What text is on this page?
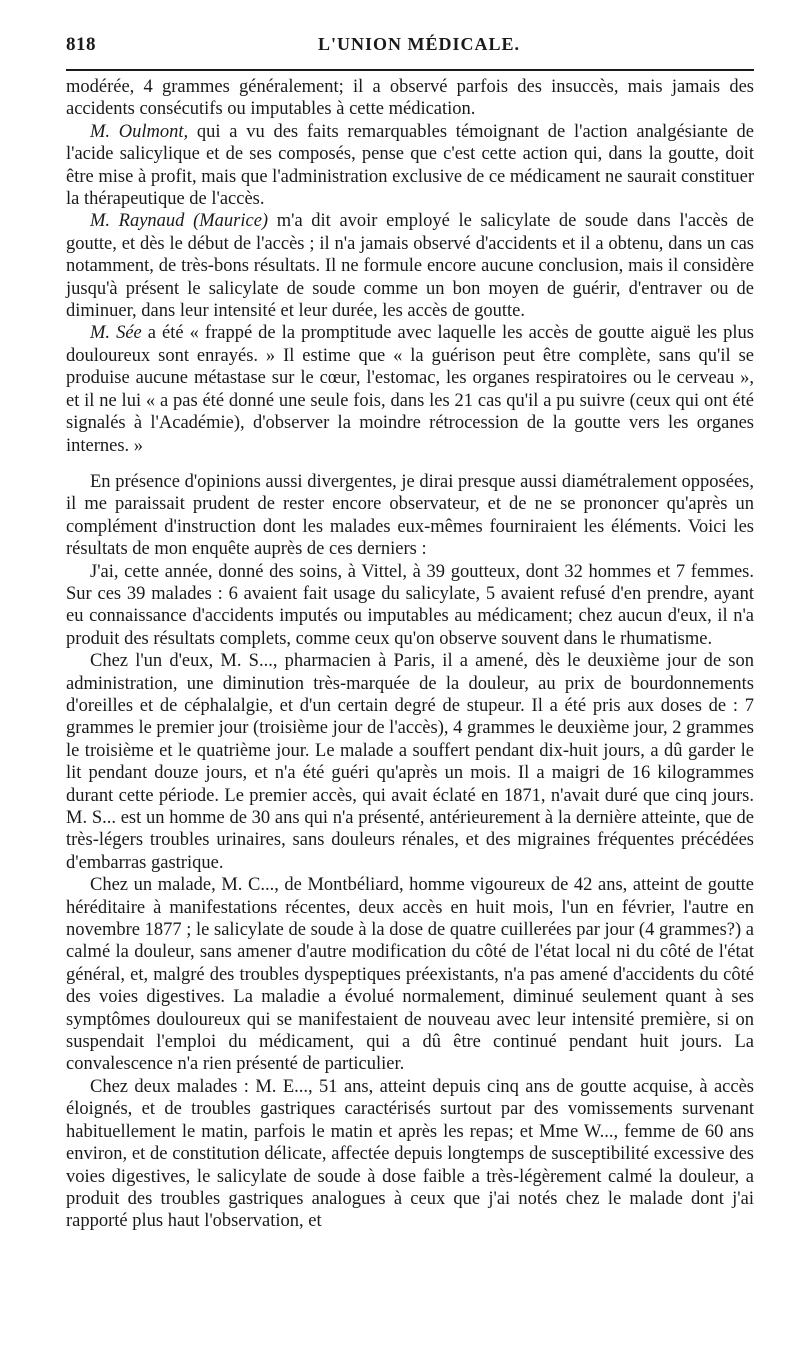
818	L'UNION MÉDICALE.

modérée, 4 grammes généralement; il a observé parfois des insuccès, mais jamais des accidents consécutifs ou imputables à cette médication.

M. Oulmont, qui a vu des faits remarquables témoignant de l'action analgésiante de l'acide salicylique et de ses composés, pense que c'est cette action qui, dans la goutte, doit être mise à profit, mais que l'administration exclusive de ce médicament ne saurait constituer la thérapeutique de l'accès.

M. Raynaud (Maurice) m'a dit avoir employé le salicylate de soude dans l'accès de goutte, et dès le début de l'accès ; il n'a jamais observé d'accidents et il a obtenu, dans un cas notamment, de très-bons résultats. Il ne formule encore aucune conclusion, mais il considère jusqu'à présent le salicylate de soude comme un bon moyen de guérir, d'entraver ou de diminuer, dans leur intensité et leur durée, les accès de goutte.

M. Sée a été « frappé de la promptitude avec laquelle les accès de goutte aiguë les plus douloureux sont enrayés. » Il estime que « la guérison peut être complète, sans qu'il se produise aucune métastase sur le cœur, l'estomac, les organes respiratoires ou le cerveau », et il ne lui « a pas été donné une seule fois, dans les 21 cas qu'il a pu suivre (ceux qui ont été signalés à l'Académie), d'observer la moindre rétrocession de la goutte vers les organes internes. »

En présence d'opinions aussi divergentes, je dirai presque aussi diamétralement opposées, il me paraissait prudent de rester encore observateur, et de ne se prononcer qu'après un complément d'instruction dont les malades eux-mêmes fourniraient les éléments. Voici les résultats de mon enquête auprès de ces derniers :

J'ai, cette année, donné des soins, à Vittel, à 39 goutteux, dont 32 hommes et 7 femmes. Sur ces 39 malades : 6 avaient fait usage du salicylate, 5 avaient refusé d'en prendre, ayant eu connaissance d'accidents imputés ou imputables au médicament; chez aucun d'eux, il n'a produit des résultats complets, comme ceux qu'on observe souvent dans le rhumatisme.

Chez l'un d'eux, M. S..., pharmacien à Paris, il a amené, dès le deuxième jour de son administration, une diminution très-marquée de la douleur, au prix de bourdonnements d'oreilles et de céphalalgie, et d'un certain degré de stupeur. Il a été pris aux doses de : 7 grammes le premier jour (troisième jour de l'accès), 4 grammes le deuxième jour, 2 grammes le troisième et le quatrième jour. Le malade a souffert pendant dix-huit jours, a dû garder le lit pendant douze jours, et n'a été guéri qu'après un mois. Il a maigri de 16 kilogrammes durant cette période. Le premier accès, qui avait éclaté en 1871, n'avait duré que cinq jours. M. S... est un homme de 30 ans qui n'a présenté, antérieurement à la dernière atteinte, que de très-légers troubles urinaires, sans douleurs rénales, et des migraines fréquentes précédées d'embarras gastrique.

Chez un malade, M. C..., de Montbéliard, homme vigoureux de 42 ans, atteint de goutte héréditaire à manifestations récentes, deux accès en huit mois, l'un en février, l'autre en novembre 1877 ; le salicylate de soude à la dose de quatre cuillerées par jour (4 grammes?) a calmé la douleur, sans amener d'autre modification du côté de l'état local ni du côté de l'état général, et, malgré des troubles dyspeptiques préexistants, n'a pas amené d'accidents du côté des voies digestives. La maladie a évolué normalement, diminué seulement quant à ses symptômes douloureux qui se manifestaient de nouveau avec leur intensité première, si on suspendait l'emploi du médicament, qui a dû être continué pendant huit jours. La convalescence n'a rien présenté de particulier.

Chez deux malades : M. E..., 51 ans, atteint depuis cinq ans de goutte acquise, à accès éloignés, et de troubles gastriques caractérisés surtout par des vomissements survenant habituellement le matin, parfois le matin et après les repas; et Mme W..., femme de 60 ans environ, et de constitution délicate, affectée depuis longtemps de susceptibilité excessive des voies digestives, le salicylate de soude à dose faible a très-légèrement calmé la douleur, a produit des troubles gastriques analogues à ceux que j'ai notés chez le malade dont j'ai rapporté plus haut l'observation, et
